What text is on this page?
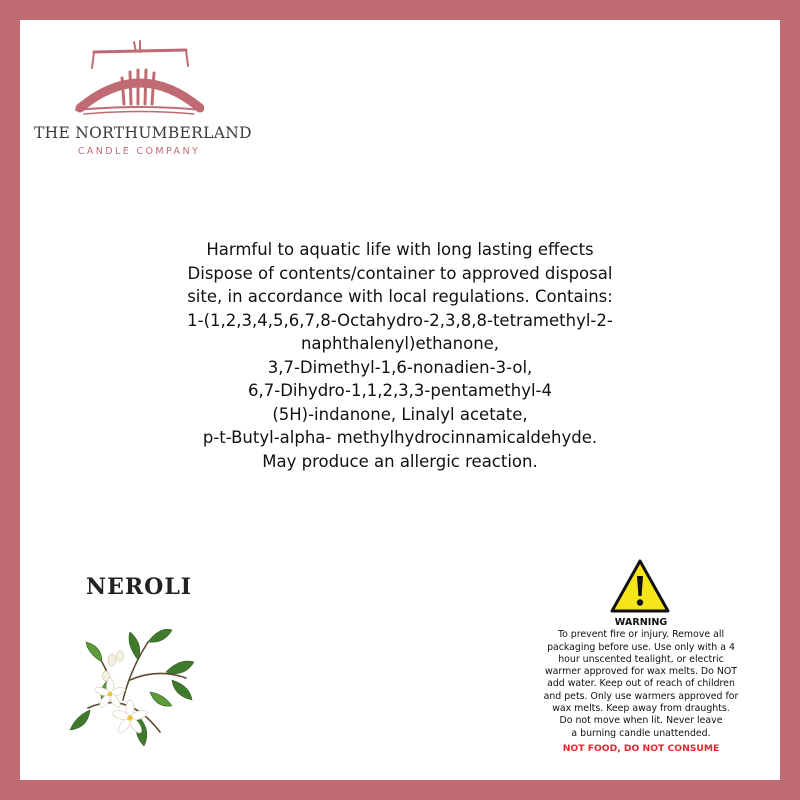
THE NORTHUMBERLAND
CANDLE COMPANY
Harmful to aquatic life with long lasting effects
Dispose of contents/container to approved disposal
site, in accordance with local regulations. Contains:
1-(1,2,3,4,5,6,7,8-Octahydro-2,3,8,8-tetramethyl-2-
naphthalenyl)ethanone,
3,7-Dimethyl-1,6-nonadien-3-ol,
6,7-Dihydro-1,1,2,3,3-pentamethyl-4
(5H)-indanone, Linalyl acetate,
p-t-Butyl-alpha- methylhydrocinnamicaldehyde.
May produce an allergic reaction.
NEROLI
WARNING
To prevent fire or injury. Remove all
packaging before use. Use only with a 4
hour unscented tealight, or electric
warmer approved for wax melts. Do NOT
add water. Keep out of reach of children
and pets. Only use warmers approved for
wax melts. Keep away from draughts.
Do not move when lit. Never leave
a burning candle unattended.
NOT FOOD, DO NOT CONSUME
